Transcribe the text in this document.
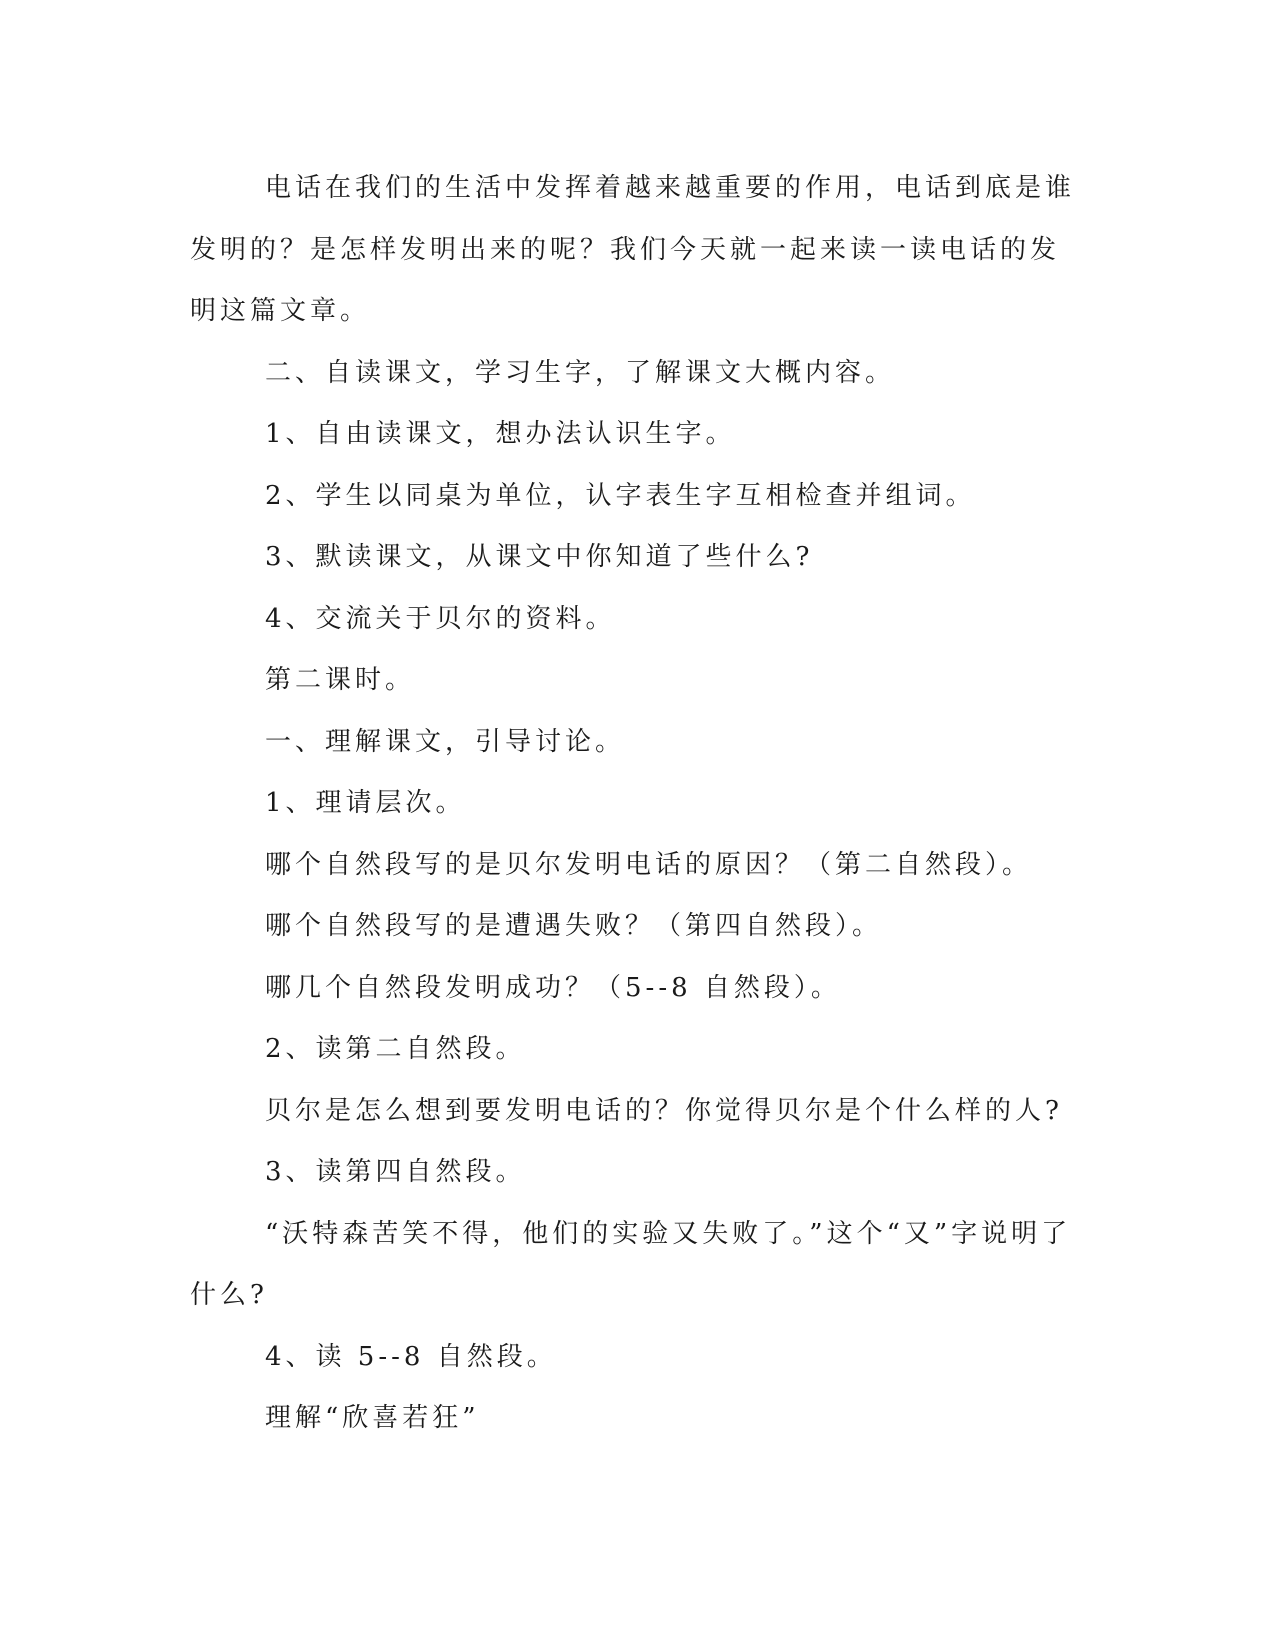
电话在我们的生活中发挥着越来越重要的作用，电话到底是谁发明的？是怎样发明出来的呢？我们今天就一起来读一读电话的发明这篇文章。

二、自读课文，学习生字，了解课文大概内容。

1、自由读课文，想办法认识生字。

2、学生以同桌为单位，认字表生字互相检查并组词。

3、默读课文，从课文中你知道了些什么?

4、交流关于贝尔的资料。

第二课时。

一、理解课文，引导讨论。

1、理请层次。

哪个自然段写的是贝尔发明电话的原因？（第二自然段）。

哪个自然段写的是遭遇失败？（第四自然段）。

哪几个自然段发明成功？（5--8 自然段）。

2、读第二自然段。

贝尔是怎么想到要发明电话的？你觉得贝尔是个什么样的人?

3、读第四自然段。

“沃特森苦笑不得，他们的实验又失败了。”这个“又”字说明了什么?

4、读 5--8 自然段。

理解“欣喜若狂”
